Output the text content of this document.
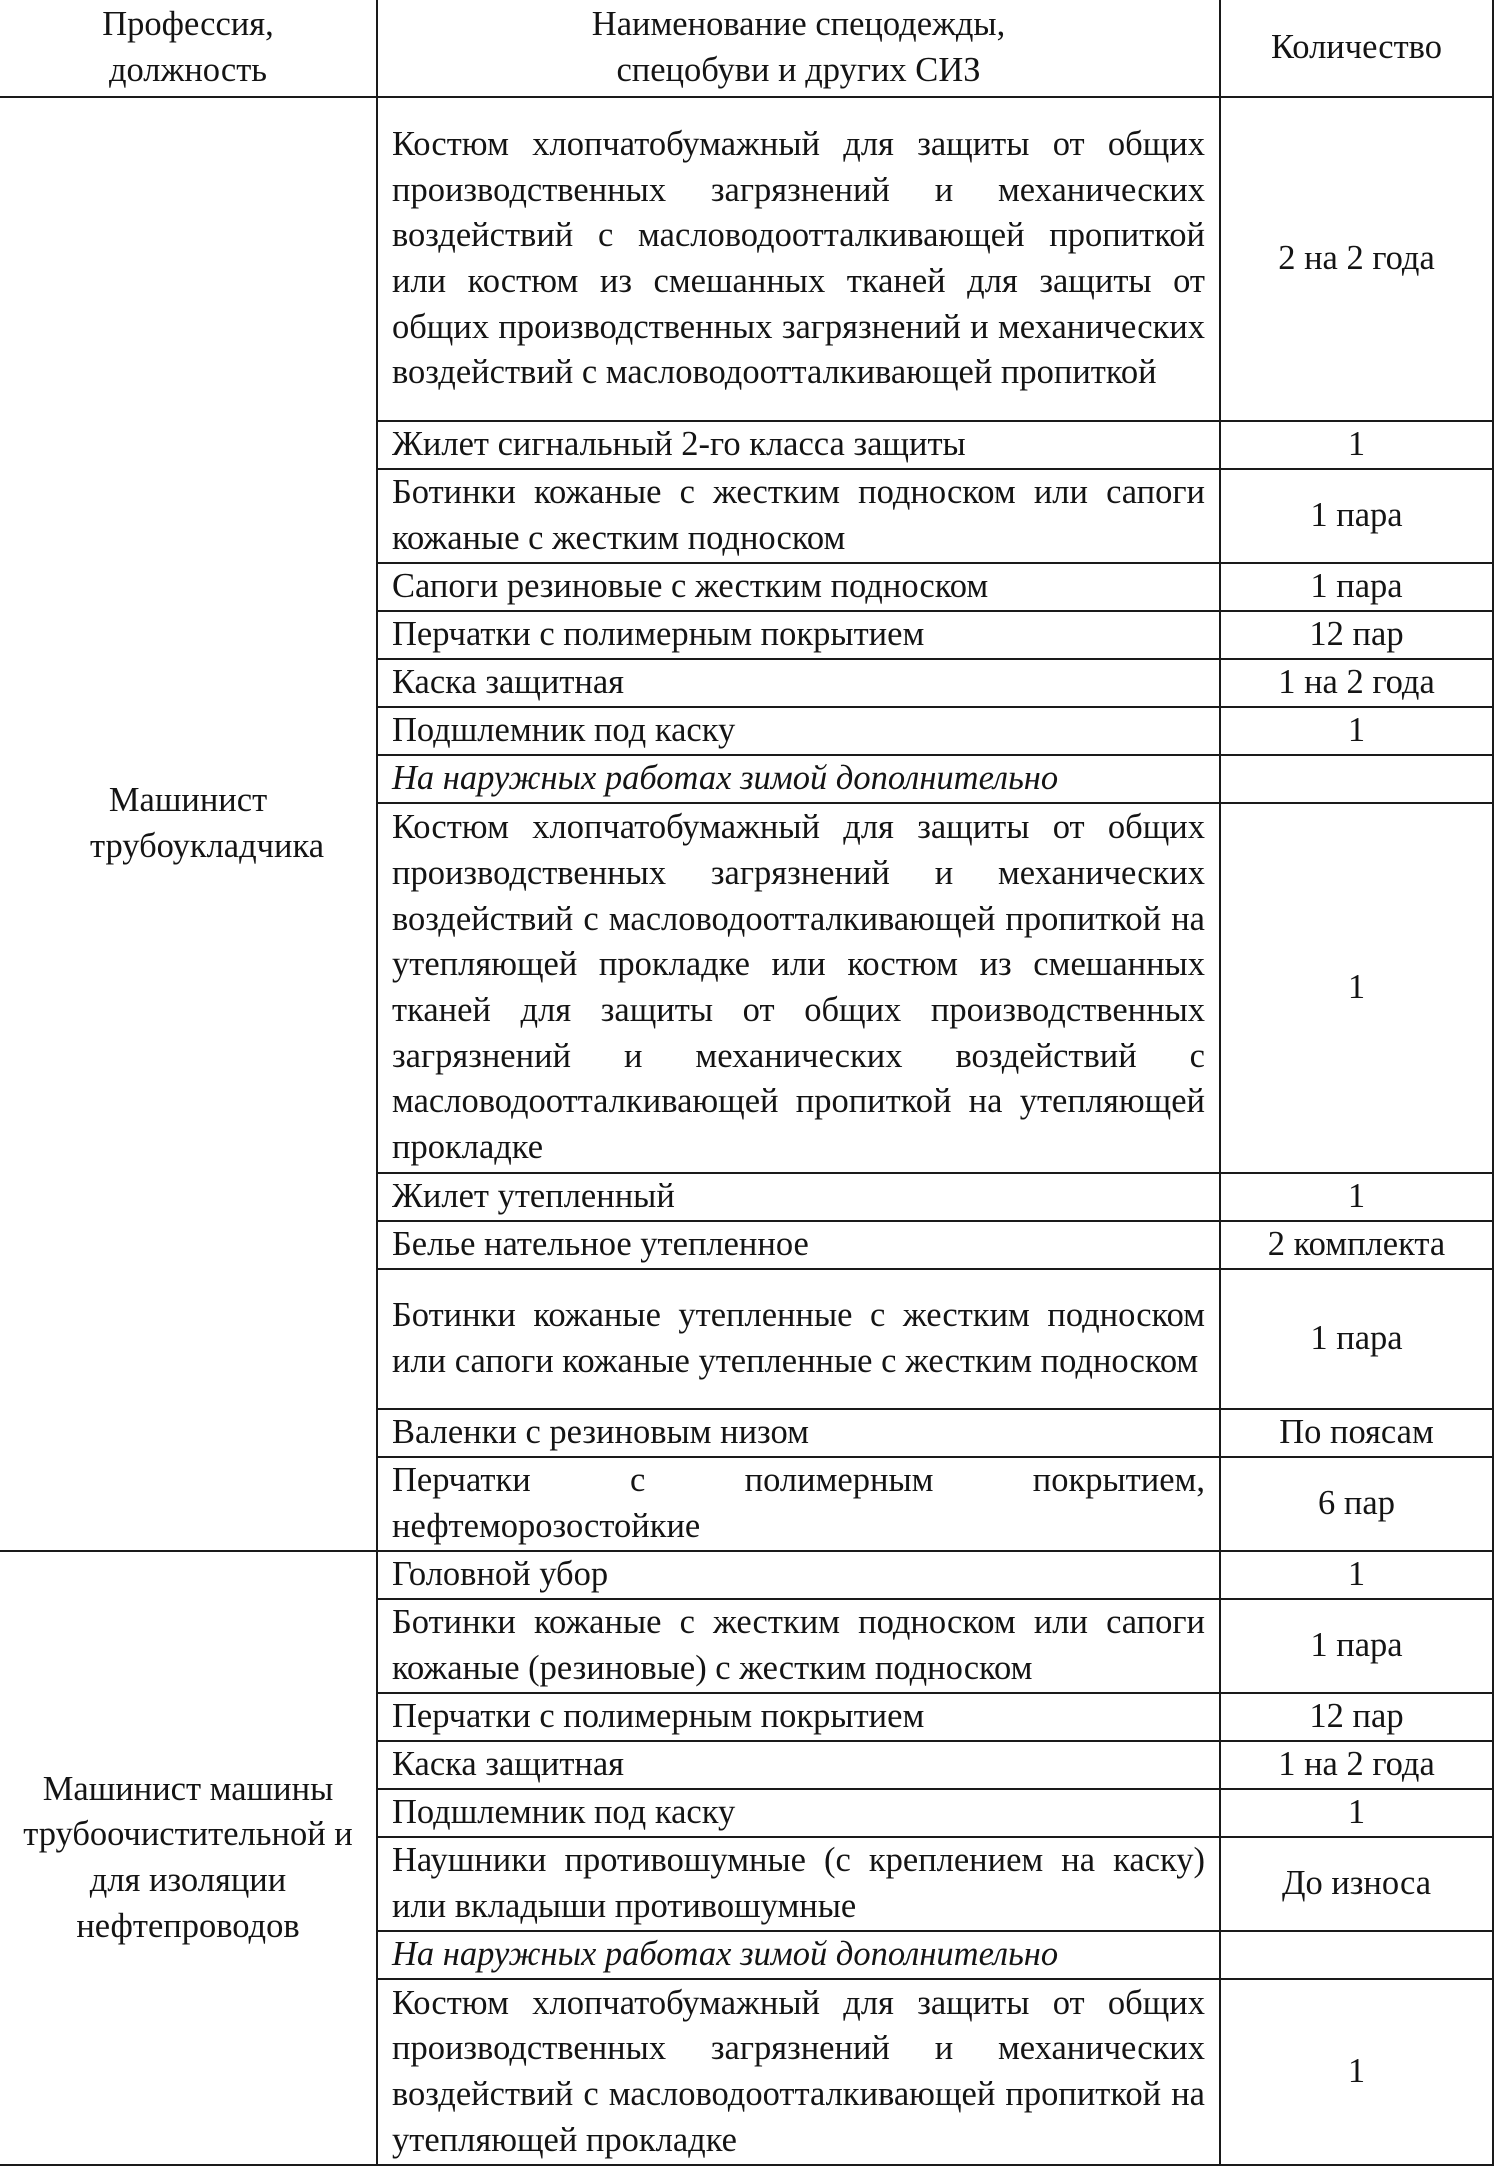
Профессия, должность	Наименование спецодежды, спецобуви и других СИЗ	Количество
Машинист трубоукладчика	Костюм хлопчатобумажный для защиты от общих производственных загрязнений и механических воздействий с масловодоотталкивающей пропиткой или костюм из смешанных тканей для защиты от общих производственных загрязнений и механических воздействий с масловодоотталкивающей пропиткой	2 на 2 года
	Жилет сигнальный 2-го класса защиты	1
	Ботинки кожаные с жестким подноском или сапоги кожаные с жестким подноском	1 пара
	Сапоги резиновые с жестким подноском	1 пара
	Перчатки с полимерным покрытием	12 пар
	Каска защитная	1 на 2 года
	Подшлемник под каску	1
	На наружных работах зимой дополнительно	
	Костюм хлопчатобумажный для защиты от общих производственных загрязнений и механических воздействий с масловодоотталкивающей пропиткой на утепляющей прокладке или костюм из смешанных тканей для защиты от общих производственных загрязнений и механических воздействий с масловодоотталкивающей пропиткой на утепляющей прокладке	1
	Жилет утепленный	1
	Белье нательное утепленное	2 комплекта
	Ботинки кожаные утепленные с жестким подноском или сапоги кожаные утепленные с жестким подноском	1 пара
	Валенки с резиновым низом	По поясам
	Перчатки с полимерным покрытием, нефтеморозостойкие	6 пар
Машинист машины трубоочистительной и для изоляции нефтепроводов	Головной убор	1
	Ботинки кожаные с жестким подноском или сапоги кожаные (резиновые) с жестким подноском	1 пара
	Перчатки с полимерным покрытием	12 пар
	Каска защитная	1 на 2 года
	Подшлемник под каску	1
	Наушники противошумные (с креплением на каску) или вкладыши противошумные	До износа
	На наружных работах зимой дополнительно	
	Костюм хлопчатобумажный для защиты от общих производственных загрязнений и механических воздействий с масловодоотталкивающей пропиткой на утепляющей прокладке	1
